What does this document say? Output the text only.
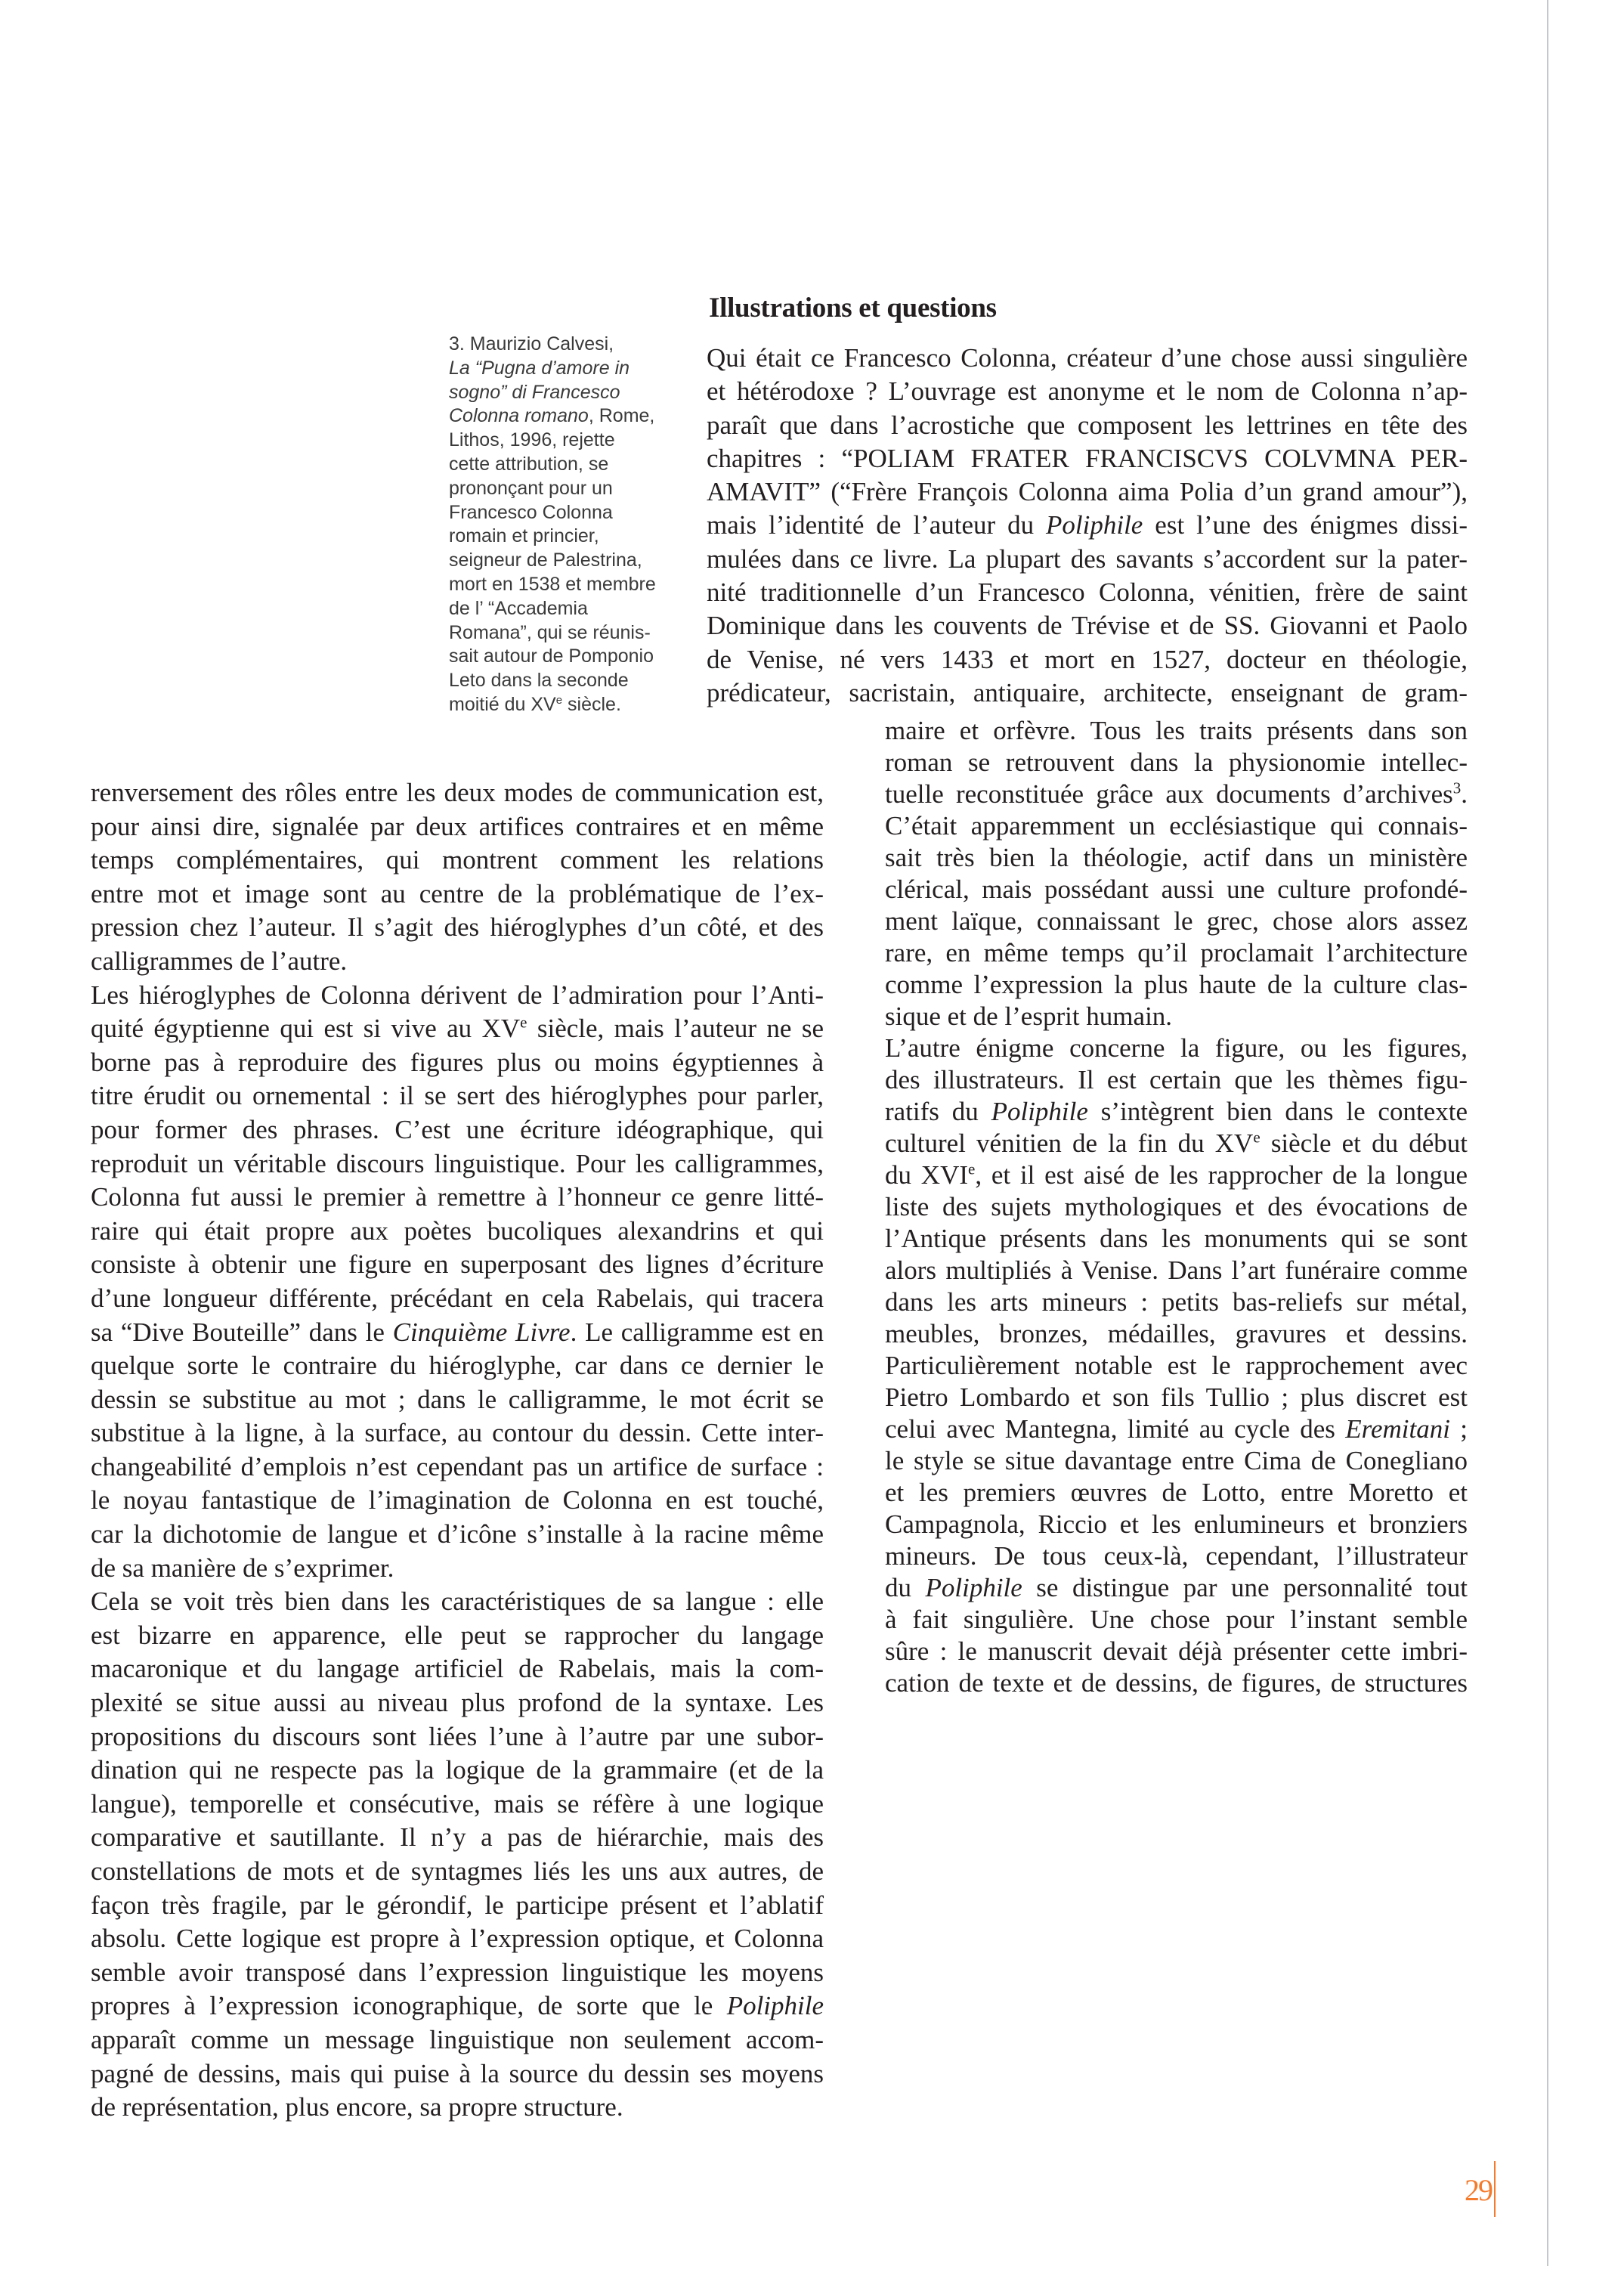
Illustrations et questions
3. Maurizio Calvesi,
La “Pugna d’amore in
sogno” di Francesco
Colonna romano, Rome,
Lithos, 1996, rejette
cette attribution, se
prononçant pour un
Francesco Colonna
romain et princier,
seigneur de Palestrina,
mort en 1538 et membre
de l’ “Accademia
Romana”, qui se réunis-
sait autour de Pomponio
Leto dans la seconde
moitié du XVe siècle.
Qui était ce Francesco Colonna, créateur d’une chose aussi singulière
et hétérodoxe ? L’ouvrage est anonyme et le nom de Colonna n’ap-
paraît que dans l’acrostiche que composent les lettrines en tête des
chapitres : “POLIAM FRATER FRANCISCVS COLVMNA PER-
AMAVIT” (“Frère François Colonna aima Polia d’un grand amour”),
mais l’identité de l’auteur du Poliphile est l’une des énigmes dissi-
mulées dans ce livre. La plupart des savants s’accordent sur la pater-
nité traditionnelle d’un Francesco Colonna, vénitien, frère de saint
Dominique dans les couvents de Trévise et de SS. Giovanni et Paolo
de Venise, né vers 1433 et mort en 1527, docteur en théologie,
prédicateur, sacristain, antiquaire, architecte, enseignant de gram-
maire et orfèvre. Tous les traits présents dans son
roman se retrouvent dans la physionomie intellec-
tuelle reconstituée grâce aux documents d’archives$^3$.
C’était apparemment un ecclésiastique qui connais-
sait très bien la théologie, actif dans un ministère
clérical, mais possédant aussi une culture profondé-
ment laïque, connaissant le grec, chose alors assez
rare, en même temps qu’il proclamait l’architecture
comme l’expression la plus haute de la culture clas-
sique et de l’esprit humain.
L’autre énigme concerne la figure, ou les figures,
des illustrateurs. Il est certain que les thèmes figu-
ratifs du Poliphile s’intègrent bien dans le contexte
culturel vénitien de la fin du XVe siècle et du début
du XVIe, et il est aisé de les rapprocher de la longue
liste des sujets mythologiques et des évocations de
l’Antique présents dans les monuments qui se sont
alors multipliés à Venise. Dans l’art funéraire comme
dans les arts mineurs : petits bas-reliefs sur métal,
meubles, bronzes, médailles, gravures et dessins.
Particulièrement notable est le rapprochement avec
Pietro Lombardo et son fils Tullio ; plus discret est
celui avec Mantegna, limité au cycle des Eremitani ;
le style se situe davantage entre Cima de Conegliano
et les premiers œuvres de Lotto, entre Moretto et
Campagnola, Riccio et les enlumineurs et bronziers
mineurs. De tous ceux-là, cependant, l’illustrateur
du Poliphile se distingue par une personnalité tout
à fait singulière. Une chose pour l’instant semble
sûre : le manuscrit devait déjà présenter cette imbri-
cation de texte et de dessins, de figures, de structures
renversement des rôles entre les deux modes de communication est,
pour ainsi dire, signalée par deux artifices contraires et en même
temps complémentaires, qui montrent comment les relations
entre mot et image sont au centre de la problématique de l’ex-
pression chez l’auteur. Il s’agit des hiéroglyphes d’un côté, et des
calligrammes de l’autre.
Les hiéroglyphes de Colonna dérivent de l’admiration pour l’Anti-
quité égyptienne qui est si vive au XVe siècle, mais l’auteur ne se
borne pas à reproduire des figures plus ou moins égyptiennes à
titre érudit ou ornemental : il se sert des hiéroglyphes pour parler,
pour former des phrases. C’est une écriture idéographique, qui
reproduit un véritable discours linguistique. Pour les calligrammes,
Colonna fut aussi le premier à remettre à l’honneur ce genre litté-
raire qui était propre aux poètes bucoliques alexandrins et qui
consiste à obtenir une figure en superposant des lignes d’écriture
d’une longueur différente, précédant en cela Rabelais, qui tracera
sa “Dive Bouteille” dans le Cinquième Livre. Le calligramme est en
quelque sorte le contraire du hiéroglyphe, car dans ce dernier le
dessin se substitue au mot ; dans le calligramme, le mot écrit se
substitue à la ligne, à la surface, au contour du dessin. Cette inter-
changeabilité d’emplois n’est cependant pas un artifice de surface :
le noyau fantastique de l’imagination de Colonna en est touché,
car la dichotomie de langue et d’icône s’installe à la racine même
de sa manière de s’exprimer.
Cela se voit très bien dans les caractéristiques de sa langue : elle
est bizarre en apparence, elle peut se rapprocher du langage
macaronique et du langage artificiel de Rabelais, mais la com-
plexité se situe aussi au niveau plus profond de la syntaxe. Les
propositions du discours sont liées l’une à l’autre par une subor-
dination qui ne respecte pas la logique de la grammaire (et de la
langue), temporelle et consécutive, mais se réfère à une logique
comparative et sautillante. Il n’y a pas de hiérarchie, mais des
constellations de mots et de syntagmes liés les uns aux autres, de
façon très fragile, par le gérondif, le participe présent et l’ablatif
absolu. Cette logique est propre à l’expression optique, et Colonna
semble avoir transposé dans l’expression linguistique les moyens
propres à l’expression iconographique, de sorte que le Poliphile
apparaît comme un message linguistique non seulement accom-
pagné de dessins, mais qui puise à la source du dessin ses moyens
de représentation, plus encore, sa propre structure.
29
